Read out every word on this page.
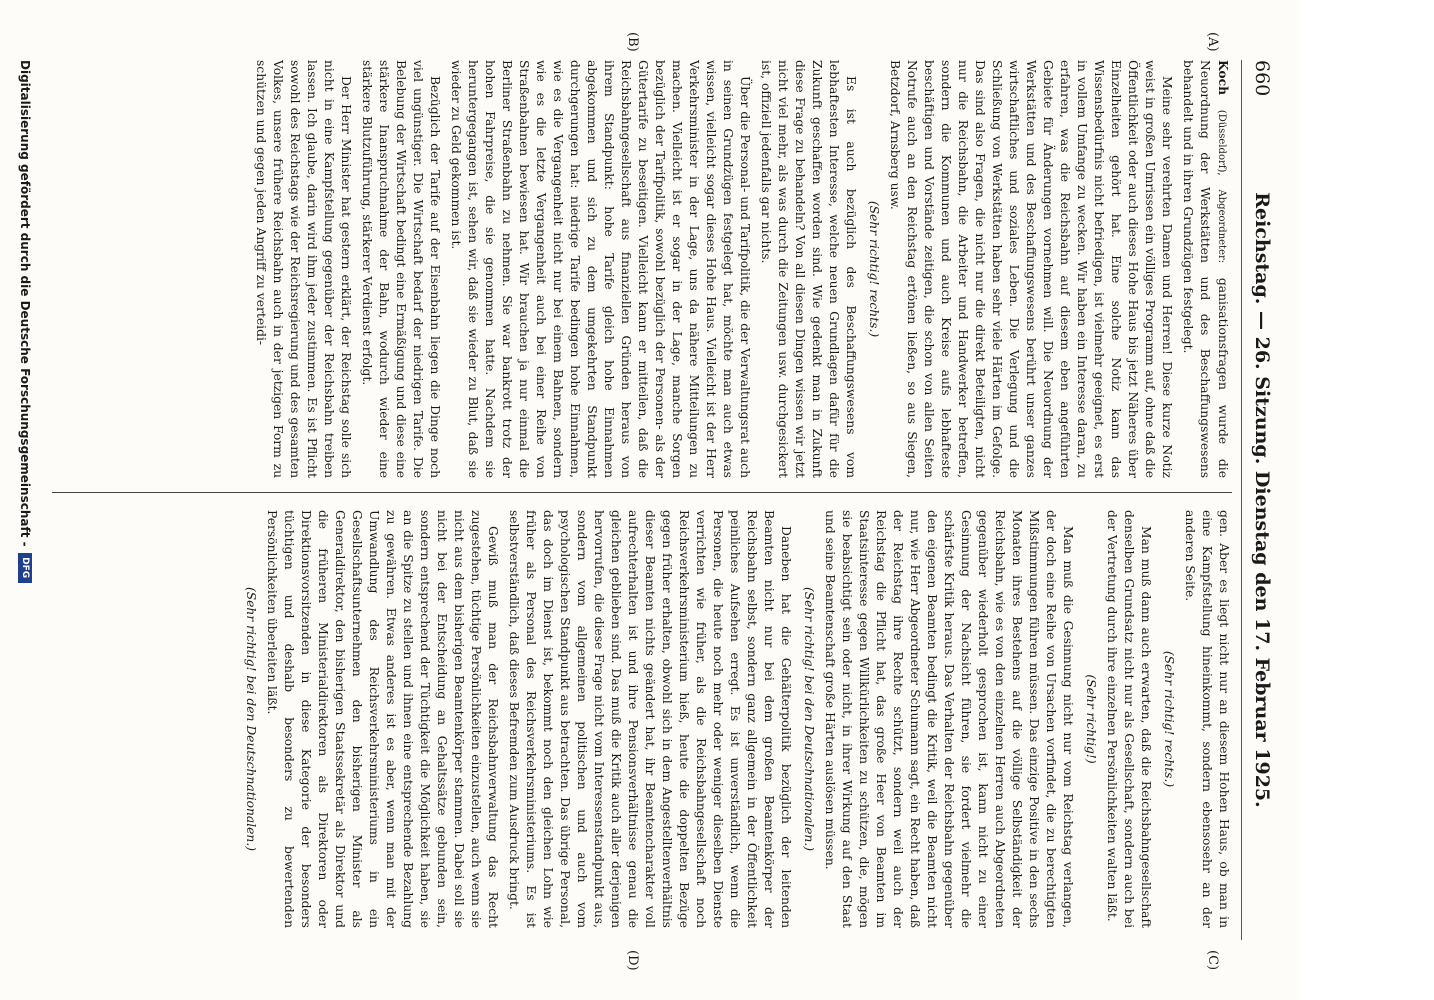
660
Reichstag. — 26. Sitzung. Dienstag den 17. Februar 1925.
(A)
(B)
(C)
(D)

Koch (Düsseldorf), Abgeordneter: ganisationsfragen wurde die Neuordnung der Werkstätten und des Beschaffungswesens behandelt und in ihren Grundzügen festgelegt.

Meine sehr verehrten Damen und Herren! Diese kurze Notiz weist in großen Umrissen ein völliges Programm auf, ohne daß die Öffentlichkeit oder auch dieses Hohe Haus bis jetzt Näheres über Einzelheiten gehört hat. Eine solche Notiz kann das Wissensbedürfnis nicht befriedigen, ist vielmehr geeignet, es erst in vollem Umfange zu wecken. Wir haben ein Interesse daran, zu erfahren, was die Reichsbahn auf diesem eben angeführten Gebiete für Änderungen vornehmen will. Die Neuordnung der Werkstätten und des Beschaffungswesens berührt unser ganzes wirtschaftliches und soziales Leben. Die Verlegung und die Schließung von Werkstätten haben sehr viele Härten im Gefolge. Das sind also Fragen, die nicht nur die direkt Beteiligten, nicht nur die Reichsbahn, die Arbeiter und Handwerker betreffen, sondern die Kommunen und auch Kreise aufs lebhafteste beschäftigen und Vorstände zeitigen, die schon von allen Seiten Notrufe auch an den Reichstag ertönen ließen, so aus Siegen, Betzdorf, Arnsberg usw.

(Sehr richtig! rechts.)

Es ist auch bezüglich des Beschaffungswesens vom lebhaftesten Interesse, welche neuen Grundlagen dafür für die Zukunft geschaffen worden sind. Wie gedenkt man in Zukunft diese Frage zu behandeln? Von all diesen Dingen wissen wir jetzt nicht viel mehr, als was durch die Zeitungen usw. durchgesickert ist, offiziell jedenfalls gar nichts.

Über die Personal- und Tarifpolitik, die der Verwaltungsrat auch in seinen Grundzügen festgelegt hat, möchte man auch etwas wissen, vielleicht sogar dieses Hohe Haus. Vielleicht ist der Herr Verkehrsminister in der Lage, uns da nähere Mitteilungen zu machen. Vielleicht ist er sogar in der Lage, manche Sorgen bezüglich der Tarifpolitik, sowohl bezüglich der Personen- als der Gütertarife zu beseitigen. Vielleicht kann er mitteilen, daß die Reichsbahngesellschaft aus finanziellen Gründen heraus von ihrem Standpunkt: hohe Tarife gleich hohe Einnahmen abgekommen und sich zu dem umgekehrten Standpunkt durchgerungen hat: niedrige Tarife bedingen hohe Einnahmen, wie es die Vergangenheit nicht nur bei einem Bahnen, sondern wie es die letzte Vergangenheit auch bei einer Reihe von Straßenbahnen bewiesen hat. Wir brauchen ja nur einmal die Berliner Straßenbahn zu nehmen. Sie war bankrott trotz der hohen Fahrpreise, die sie genommen hatte. Nachdem sie heruntergegangen ist, sehen wir, daß sie wieder zu Blut, daß sie wieder zu Geld gekommen ist.

Bezüglich der Tarife auf der Eisenbahn liegen die Dinge noch viel ungünstiger. Die Wirtschaft bedarf der niedrigen Tarife. Die Belebung der Wirtschaft bedingt eine Ermäßigung und diese eine stärkere Inanspruchnahme der Bahn, wodurch wieder eine stärkere Blutzuführung, stärkerer Verdienst erfolgt.

Der Herr Minister hat gestern erklärt, der Reichstag solle sich nicht in eine Kampfstellung gegenüber der Reichsbahn treiben lassen. Ich glaube, darin wird ihm jeder zustimmen. Es ist Pflicht sowohl des Reichstags wie der Reichsregierung und des gesamten Volkes, unsere frühere Reichsbahn auch in der jetzigen Form zu schützen und gegen jeden Angriff zu verteidi-

gen. Aber es liegt nicht nur an diesem Hohen Haus, ob man in eine Kampfstellung hineinkommt, sondern ebensosehr an der anderen Seite.

(Sehr richtig! rechts.)

Man muß dann auch erwarten, daß die Reichsbahngesellschaft denselben Grundsatz nicht nur als Gesellschaft, sondern auch bei der Vertretung durch ihre einzelnen Persönlichkeiten walten läßt.

(Sehr richtig!)

Man muß die Gesinnung nicht nur vom Reichstag verlangen, der doch eine Reihe von Ursachen vorfindet, die zu berechtigten Mißstimmungen führen müssen. Das einzige Positive in den sechs Monaten ihres Bestehens auf die völlige Selbständigkeit der Reichsbahn, wie es von den einzelnen Herren auch Abgeordneten gegenüber wiederholt gesprochen ist, kann nicht zu einer Gesinnung der Nachsicht führen, sie fordert vielmehr die schärfste Kritik heraus. Das Verhalten der Reichsbahn gegenüber den eigenen Beamten bedingt die Kritik, weil die Beamten nicht nur, wie Herr Abgeordneter Schumann sagt, ein Recht haben, daß der Reichstag ihre Rechte schützt, sondern weil auch der Reichstag die Pflicht hat, das große Heer von Beamten im Staatsinteresse gegen Willkürlichkeiten zu schützen, die, mögen sie beabsichtigt sein oder nicht, in ihrer Wirkung auf den Staat und seine Beamtenschaft große Härten auslösen müssen.

(Sehr richtig! bei den Deutschnationalen.)

Daneben hat die Gehälterpolitik bezüglich der leitenden Beamten nicht nur bei dem großen Beamtenkörper der Reichsbahn selbst, sondern ganz allgemein in der Öffentlichkeit peinliches Aufsehen erregt. Es ist unverständlich, wenn die Personen, die heute noch mehr oder weniger dieselben Dienste verrichten wie früher, als die Reichsbahngesellschaft noch Reichsverkehrsministerium hieß, heute die doppelten Bezüge gegen früher erhalten, obwohl sich in dem Angestelltenverhältnis dieser Beamten nichts geändert hat, ihr Beamtencharakter voll aufrechterhalten ist und ihre Pensionsverhältnisse genau die gleichen geblieben sind. Das muß die Kritik auch aller derjenigen hervorrufen, die diese Frage nicht vom Interessenstandpunkt aus, sondern vom allgemeinen politischen und auch vom psychologischen Standpunkt aus betrachten. Das übrige Personal, das doch im Dienst ist, bekommt noch den gleichen Lohn wie früher als Personal des Reichsverkehrsministeriums. Es ist selbstverständlich, daß dieses Befremden zum Ausdruck bringt.

Gewiß muß man der Reichsbahnverwaltung das Recht zugestehen, tüchtige Persönlichkeiten einzustellen, auch wenn sie nicht aus dem bisherigen Beamtenkörper stammen. Dabei soll sie nicht bei der Entscheidung an Gehaltssätze gebunden sein, sondern entsprechend der Tüchtigkeit die Möglichkeit haben, sie an die Spitze zu stellen und ihnen eine entsprechende Bezahlung zu gewähren. Etwas anderes ist es aber, wenn man mit der Umwandlung des Reichsverkehrsministeriums in ein Gesellschaftsunternehmen den bisherigen Minister als Generaldirektor, den bisherigen Staatssekretär als Direktor und die früheren Ministerialdirektoren als Direktoren oder Direktionsvorsitzenden in diese Kategorie der besonders tüchtigen und deshalb besonders zu bewertenden Persönlichkeiten überleiten läßt.

(Sehr richtig! bei den Deutschnationalen.)

Digitalisierung gefördert durch die Deutsche Forschungsgemeinschaft -
DFG
